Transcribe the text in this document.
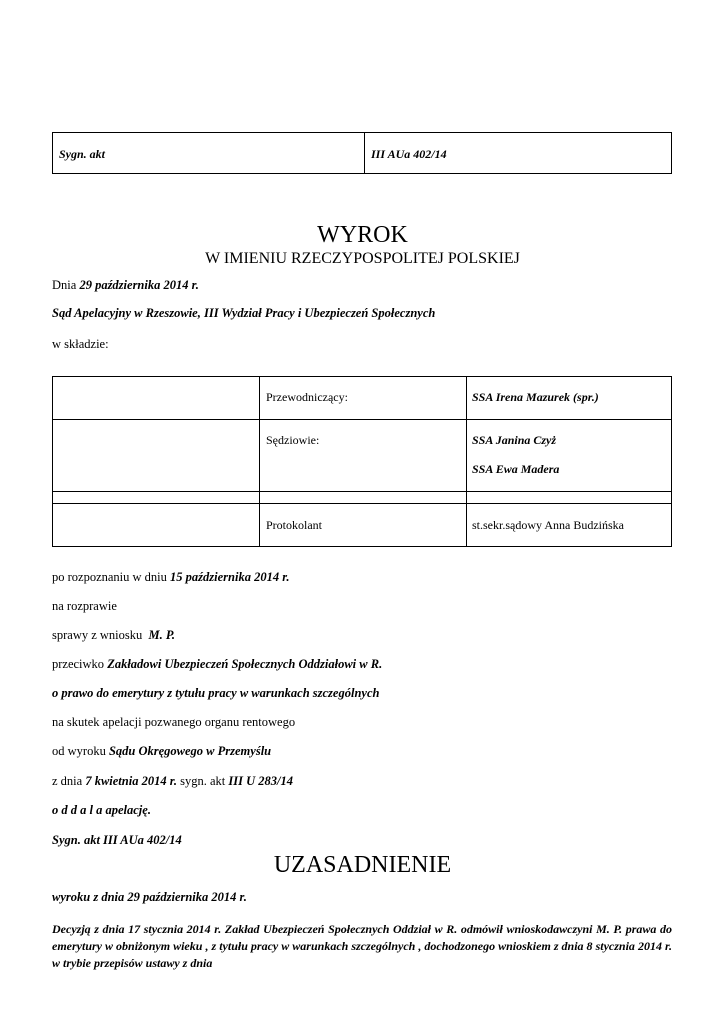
Sygn. akt	III AUa 402/14
WYROK
W IMIENIU RZECZYPOSPOLITEJ POLSKIEJ
Dnia 29 października 2014 r.
Sąd Apelacyjny w Rzeszowie, III Wydział Pracy i Ubezpieczeń Społecznych
w składzie:
Przewodniczący:	SSA Irena Mazurek (spr.)
Sędziowie:	SSA Janina Czyż
SSA Ewa Madera
Protokolant	st.sekr.sądowy Anna Budzińska
po rozpoznaniu w dniu 15 października 2014 r.
na rozprawie
sprawy z wniosku  M. P.
przeciwko Zakładowi Ubezpieczeń Społecznych Oddziałowi w R.
o prawo do emerytury z tytułu pracy w warunkach szczególnych
na skutek apelacji pozwanego organu rentowego
od wyroku Sądu Okręgowego w Przemyślu
z dnia 7 kwietnia 2014 r. sygn. akt III U 283/14
o d d a l a apelację.
Sygn. akt III AUa 402/14
UZASADNIENIE
wyroku z dnia 29 października 2014 r.
Decyzją z dnia 17 stycznia 2014 r. Zakład Ubezpieczeń Społecznych Oddział w R. odmówił wnioskodawczyni M. P. prawa do emerytury w obniżonym wieku , z tytułu pracy w warunkach szczególnych , dochodzonego wnioskiem z dnia 8 stycznia 2014 r. w trybie przepisów ustawy z dnia
